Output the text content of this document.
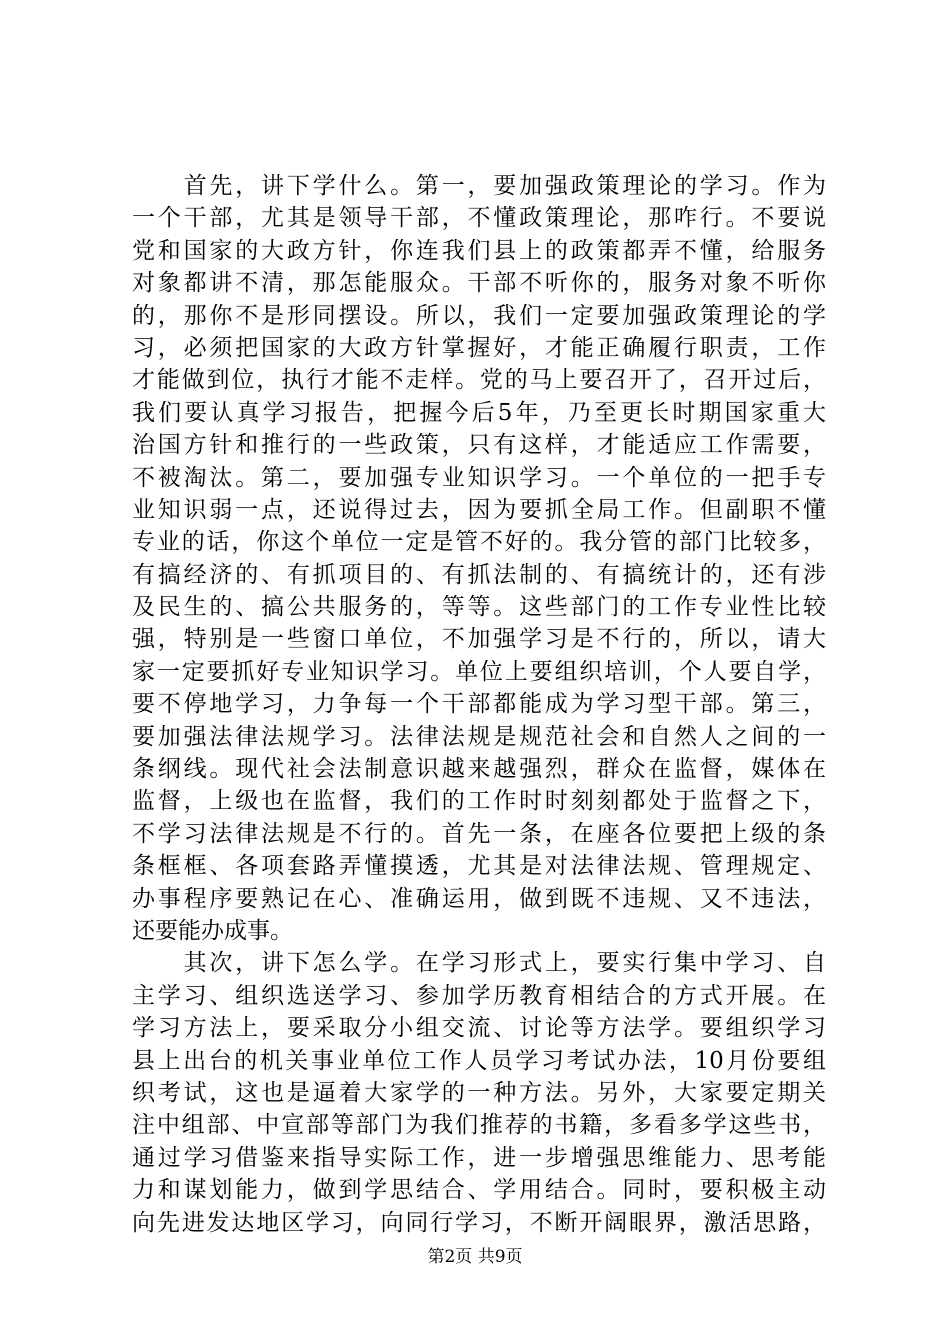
　　首先，讲下学什么。第一，要加强政策理论的学习。作为
一个干部，尤其是领导干部，不懂政策理论，那咋行。不要说
党和国家的大政方针，你连我们县上的政策都弄不懂，给服务
对象都讲不清，那怎能服众。干部不听你的，服务对象不听你
的，那你不是形同摆设。所以，我们一定要加强政策理论的学
习，必须把国家的大政方针掌握好，才能正确履行职责，工作
才能做到位，执行才能不走样。党的马上要召开了，召开过后，
我们要认真学习报告，把握今后5年，乃至更长时期国家重大
治国方针和推行的一些政策，只有这样，才能适应工作需要，
不被淘汰。第二，要加强专业知识学习。一个单位的一把手专
业知识弱一点，还说得过去，因为要抓全局工作。但副职不懂
专业的话，你这个单位一定是管不好的。我分管的部门比较多，
有搞经济的、有抓项目的、有抓法制的、有搞统计的，还有涉
及民生的、搞公共服务的，等等。这些部门的工作专业性比较
强，特别是一些窗口单位，不加强学习是不行的，所以，请大
家一定要抓好专业知识学习。单位上要组织培训，个人要自学，
要不停地学习，力争每一个干部都能成为学习型干部。第三，
要加强法律法规学习。法律法规是规范社会和自然人之间的一
条纲线。现代社会法制意识越来越强烈，群众在监督，媒体在
监督，上级也在监督，我们的工作时时刻刻都处于监督之下，
不学习法律法规是不行的。首先一条，在座各位要把上级的条
条框框、各项套路弄懂摸透，尤其是对法律法规、管理规定、
办事程序要熟记在心、准确运用，做到既不违规、又不违法，
还要能办成事。
　　其次，讲下怎么学。在学习形式上，要实行集中学习、自
主学习、组织选送学习、参加学历教育相结合的方式开展。在
学习方法上，要采取分小组交流、讨论等方法学。要组织学习
县上出台的机关事业单位工作人员学习考试办法，10月份要组
织考试，这也是逼着大家学的一种方法。另外，大家要定期关
注中组部、中宣部等部门为我们推荐的书籍，多看多学这些书，
通过学习借鉴来指导实际工作，进一步增强思维能力、思考能
力和谋划能力，做到学思结合、学用结合。同时，要积极主动
向先进发达地区学习，向同行学习，不断开阔眼界，激活思路，
第2页 共9页
